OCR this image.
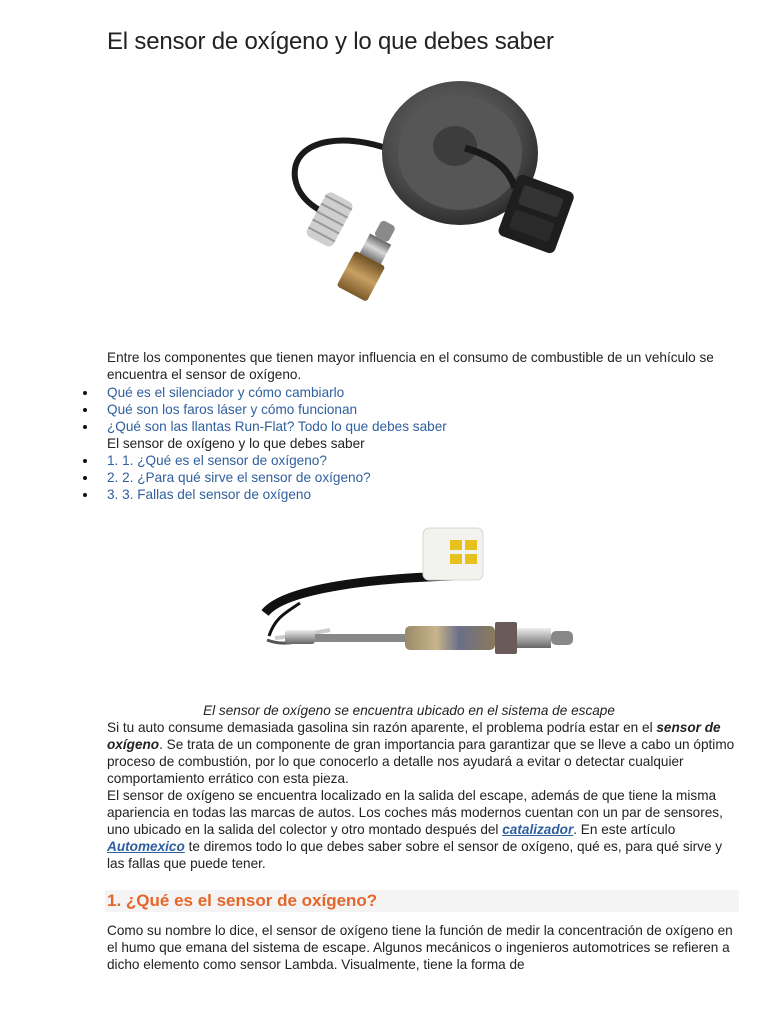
El sensor de oxígeno y lo que debes saber
Entre los componentes que tienen mayor influencia en el consumo de combustible de un vehículo se encuentra el sensor de oxígeno.
Qué es el silenciador y cómo cambiarlo
Qué son los faros láser y cómo funcionan
¿Qué son las llantas Run-Flat? Todo lo que debes saber
El sensor de oxígeno y lo que debes saber
1. 1. ¿Qué es el sensor de oxígeno?
2. 2. ¿Para qué sirve el sensor de oxígeno?
3. 3. Fallas del sensor de oxígeno
El sensor de oxígeno se encuentra ubicado en el sistema de escape
Si tu auto consume demasiada gasolina sin razón aparente, el problema podría estar en el sensor de oxígeno. Se trata de un componente de gran importancia para garantizar que se lleve a cabo un óptimo proceso de combustión, por lo que conocerlo a detalle nos ayudará a evitar o detectar cualquier comportamiento errático con esta pieza.
El sensor de oxígeno se encuentra localizado en la salida del escape, además de que tiene la misma apariencia en todas las marcas de autos. Los coches más modernos cuentan con un par de sensores, uno ubicado en la salida del colector y otro montado después del catalizador. En este artículo Automexico te diremos todo lo que debes saber sobre el sensor de oxígeno, qué es, para qué sirve y las fallas que puede tener.
1. ¿Qué es el sensor de oxígeno?
Como su nombre lo dice, el sensor de oxígeno tiene la función de medir la concentración de oxígeno en el humo que emana del sistema de escape. Algunos mecánicos o ingenieros automotrices se refieren a dicho elemento como sensor Lambda. Visualmente, tiene la forma de
